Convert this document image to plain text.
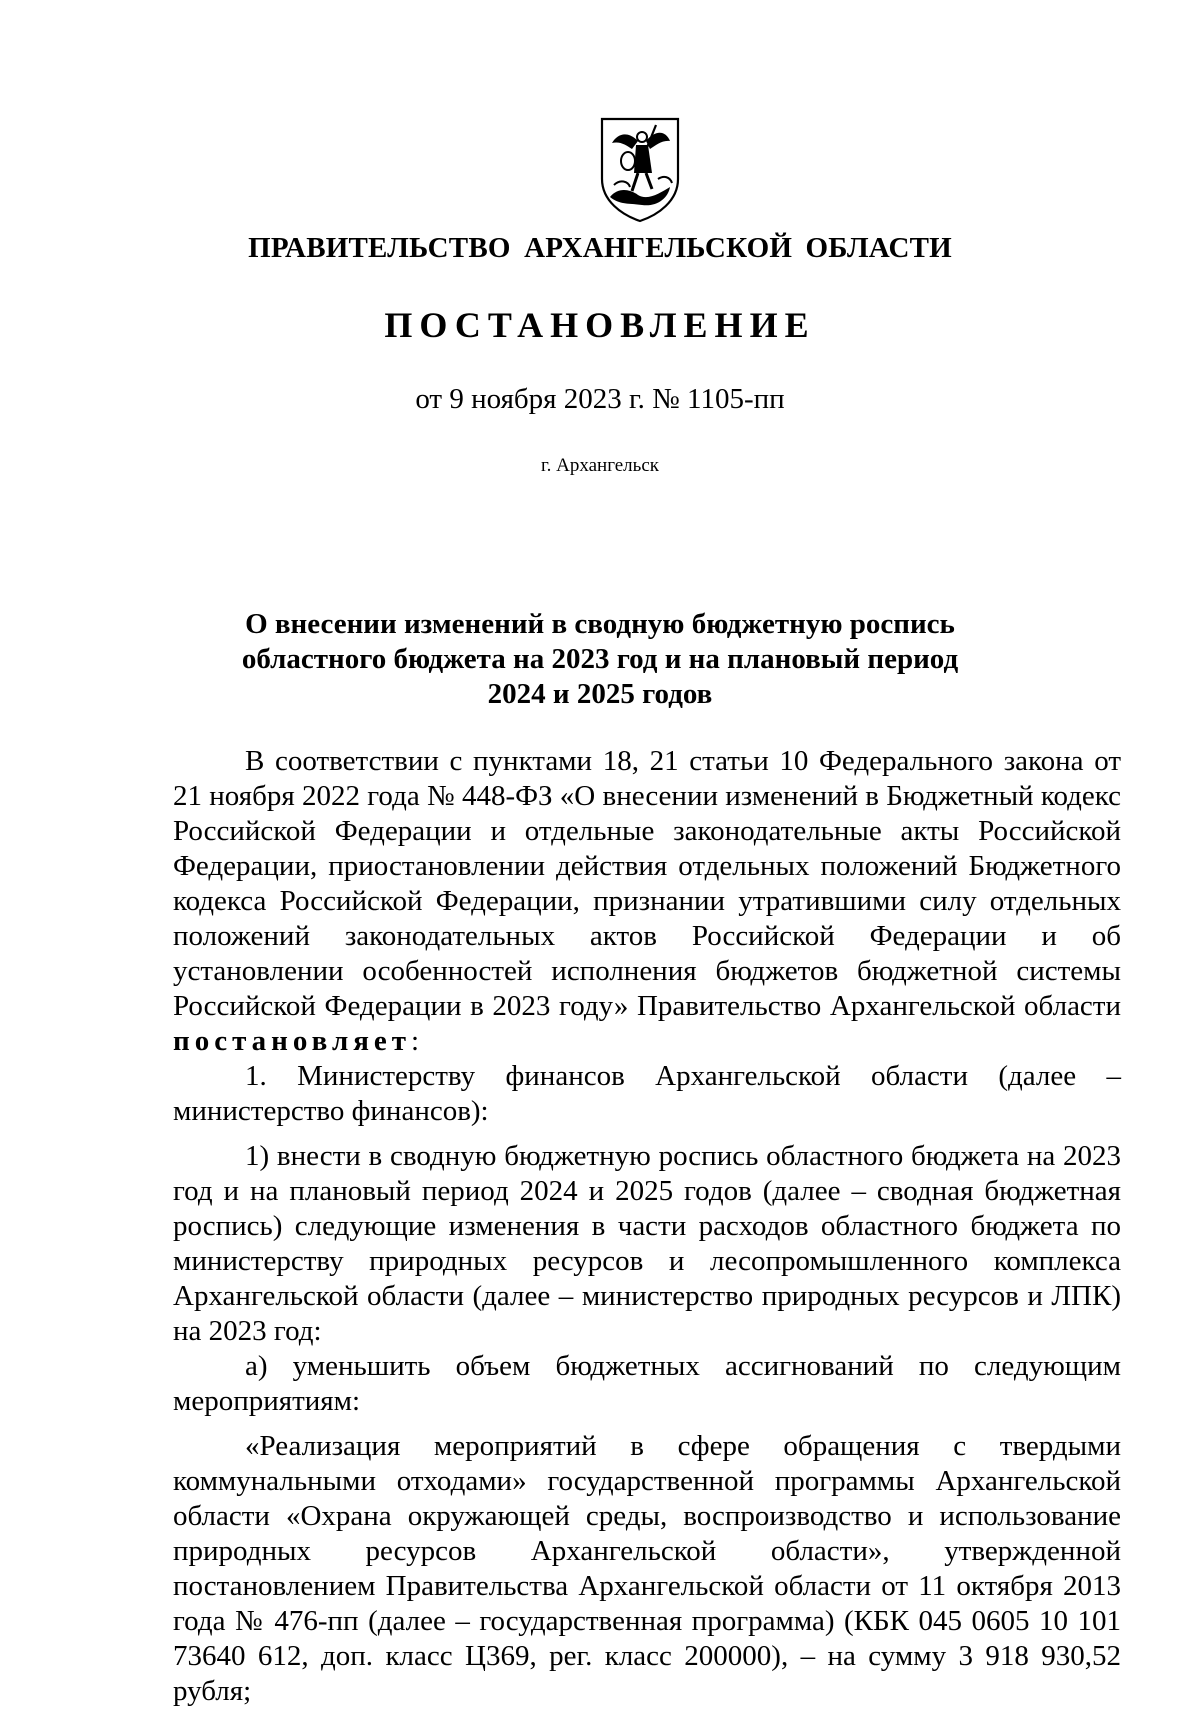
ПРАВИТЕЛЬСТВО АРХАНГЕЛЬСКОЙ ОБЛАСТИ
ПОСТАНОВЛЕНИЕ
от 9 ноября 2023 г. № 1105-пп
г. Архангельск
О внесении изменений в сводную бюджетную роспись
областного бюджета на 2023 год и на плановый период
2024 и 2025 годов

В соответствии с пунктами 18, 21 статьи 10 Федерального закона от 21 ноября 2022 года № 448-ФЗ «О внесении изменений в Бюджетный кодекс Российской Федерации и отдельные законодательные акты Российской Федерации, приостановлении действия отдельных положений Бюджетного кодекса Российской Федерации, признании утратившими силу отдельных положений законодательных актов Российской Федерации и об установлении особенностей исполнения бюджетов бюджетной системы Российской Федерации в 2023 году» Правительство Архангельской области постановляет:

1. Министерству финансов Архангельской области (далее – министерство финансов):

1) внести в сводную бюджетную роспись областного бюджета на 2023 год и на плановый период 2024 и 2025 годов (далее – сводная бюджетная роспись) следующие изменения в части расходов областного бюджета по министерству природных ресурсов и лесопромышленного комплекса Архангельской области (далее – министерство природных ресурсов и ЛПК) на 2023 год:

а) уменьшить объем бюджетных ассигнований по следующим мероприятиям:

«Реализация мероприятий в сфере обращения с твердыми коммунальными отходами» государственной программы Архангельской области «Охрана окружающей среды, воспроизводство и использование природных ресурсов Архангельской области», утвержденной постановлением Правительства Архангельской области от 11 октября 2013 года № 476-пп (далее – государственная программа) (КБК 045 0605 10 101 73640 612, доп. класс Ц369, рег. класс 200000), – на сумму 3 918 930,52 рубля;
